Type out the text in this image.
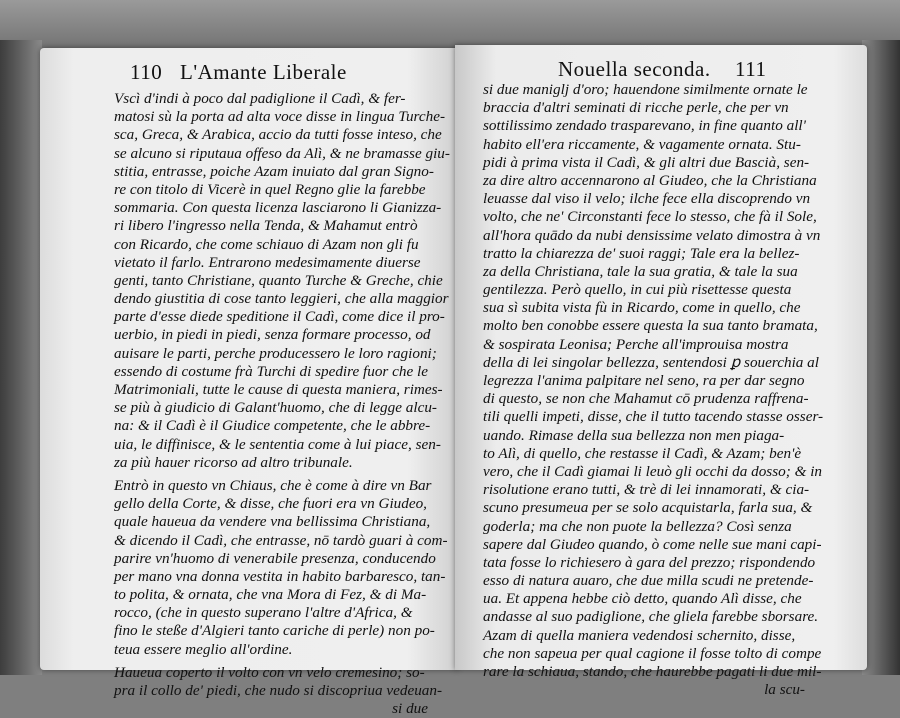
110 L'Amante Liberale
Vscì d'indi à poco dal padiglione il Cadì, & fer-
matosi sù la porta ad alta voce disse in lingua Turche-
sca, Greca, & Arabica, accio da tutti fosse inteso, che
se alcuno si riputaua offeso da Alì, & ne bramasse giu-
stitia, entrasse, poiche Azam inuiato dal gran Signo-
re con titolo di Vicerè in quel Regno glie la farebbe
sommaria. Con questa licenza lasciarono li Gianizza-
ri libero l'ingresso nella Tenda, & Mahamut entrò
con Ricardo, che come schiauo di Azam non gli fu
vietato il farlo. Entrarono medesimamente diuerse
genti, tanto Christiane, quanto Turche & Greche, chie
dendo giustitia di cose tanto leggieri, che alla maggior
parte d'esse diede speditione il Cadì, come dice il pro-
uerbio, in piedi in piedi, senza formare processo, od
auisare le parti, perche producessero le loro ragioni;
essendo di costume frà Turchi di spedire fuor che le
Matrimoniali, tutte le cause di questa maniera, rimes-
se più à giudicio di Galant'huomo, che di legge alcu-
na: & il Cadì è il Giudice competente, che le abbre-
uia, le diffinisce, & le sententia come à lui piace, sen-
za più hauer ricorso ad altro tribunale.
Entrò in questo vn Chiaus, che è come à dire vn Bar
gello della Corte, & disse, che fuori era vn Giudeo,
quale haueua da vendere vna bellissima Christiana,
& dicendo il Cadì, che entrasse, nō tardò guari à com-
parire vn'huomo di venerabile presenza, conducendo
per mano vna donna vestita in habito barbaresco, tan-
to polita, & ornata, che vna Mora di Fez, & di Ma-
rocco, (che in questo superano l'altre d'Africa, &
fino le steße d'Algieri tanto cariche di perle) non po-
teua essere meglio all'ordine.
Haueua coperto il volto con vn velo cremesino; so-
pra il collo de' piedi, che nudo si discopriua vedeuan-
si due
Nouella seconda. 111
si due maniglj d'oro; hauendone similmente ornate le
braccia d'altri seminati di ricche perle, che per vn
sottilissimo zendado trasparevano, in fine quanto all'
habito ell'era riccamente, & vagamente ornata. Stu-
pidi à prima vista il Cadì, & gli altri due Bascià, sen-
za dire altro accennarono al Giudeo, che la Christiana
leuasse dal viso il velo; ilche fece ella discoprendo vn
volto, che ne' Circonstanti fece lo stesso, che fà il Sole,
all'hora quādo da nubi densissime velato dimostra à vn
tratto la chiarezza de' suoi raggi; Tale era la bellez-
za della Christiana, tale la sua gratia, & tale la sua
gentilezza. Però quello, in cui più risettesse questa
sua sì subita vista fù in Ricardo, come in quello, che
molto ben conobbe essere questa la sua tanto bramata,
& sospirata Leonisa; Perche all'improuisa mostra
della di lei singolar bellezza, sentendosi ꝑ souerchia al
legrezza l'anima palpitare nel seno, ra per dar segno
di questo, se non che Mahamut cō prudenza raffrena-
tili quelli impeti, disse, che il tutto tacendo stasse osser-
uando. Rimase della sua bellezza non men piaga-
to Alì, di quello, che restasse il Cadì, & Azam; ben'è
vero, che il Cadì giamai li leuò gli occhi da dosso; & in
risolutione erano tutti, & trè di lei innamorati, & cia-
scuno presumeua per se solo acquistarla, farla sua, &
goderla; ma che non puote la bellezza? Così senza
sapere dal Giudeo quando, ò come nelle sue mani capi-
tata fosse lo richiesero à gara del prezzo; rispondendo
esso di natura auaro, che due milla scudi ne pretende-
ua. Et appena hebbe ciò detto, quando Alì disse, che
andasse al suo padiglione, che gliela farebbe sborsare.
Azam di quella maniera vedendosi schernito, disse,
che non sapeua per qual cagione il fosse tolto di compe
rare la schiaua, stando, che haurebbe pagati li due mil-
la scu-
